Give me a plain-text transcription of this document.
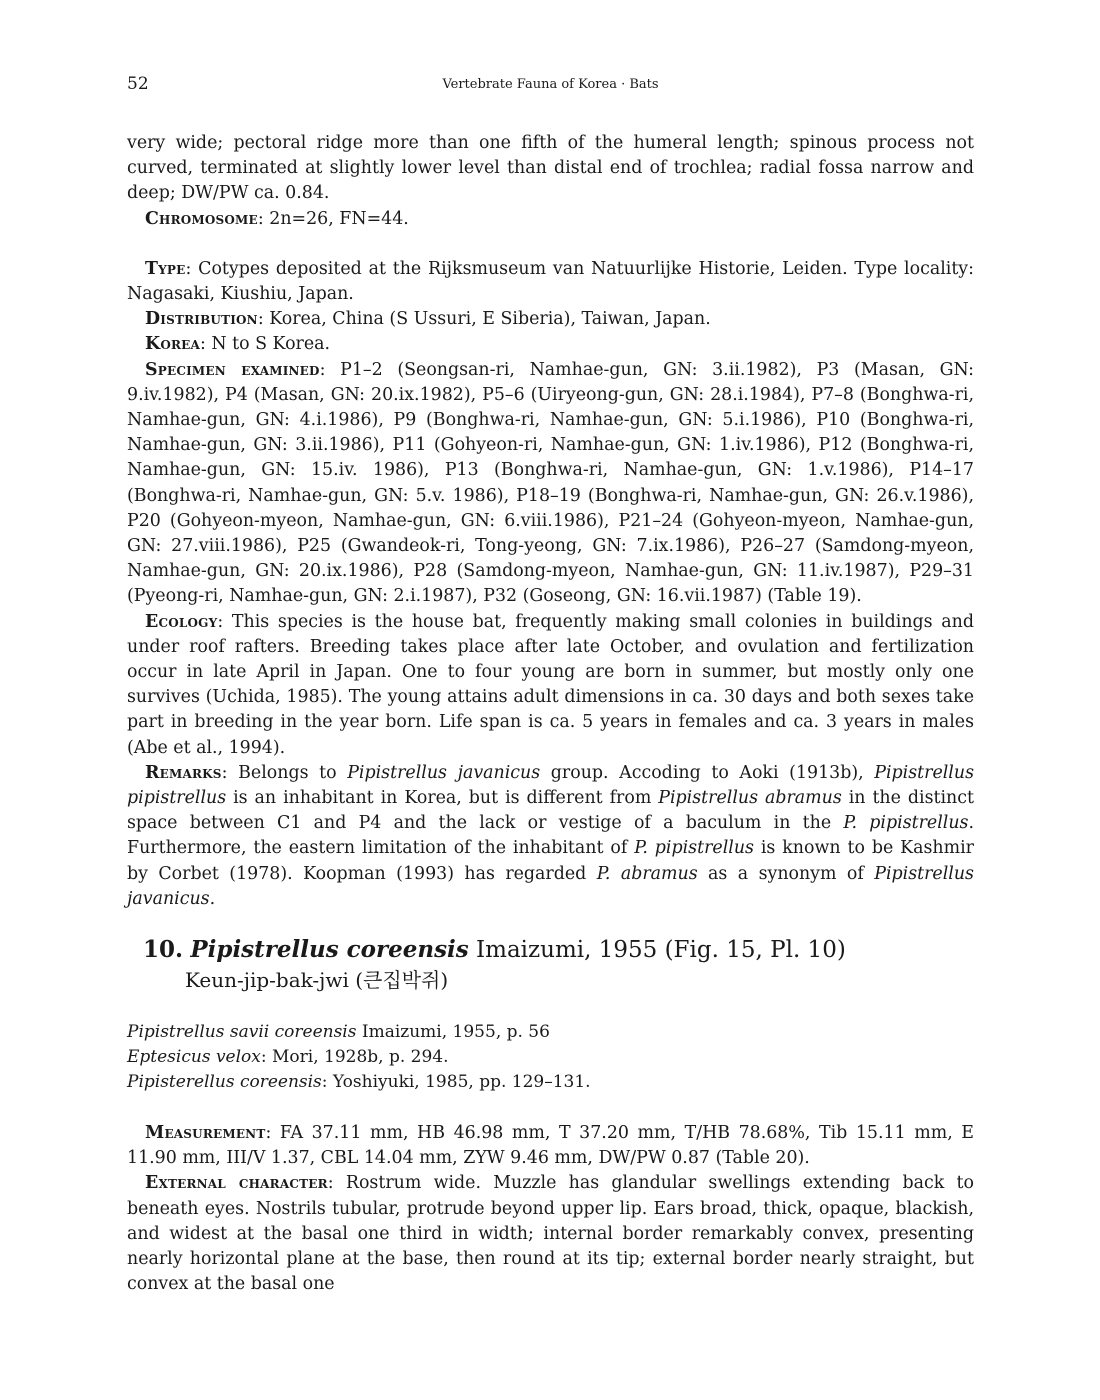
52	Vertebrate Fauna of Korea · Bats

very wide; pectoral ridge more than one fifth of the humeral length; spinous process not curved, terminated at slightly lower level than distal end of trochlea; radial fossa narrow and deep; DW/PW ca. 0.84.

Chromosome: 2n=26, FN=44.

Type: Cotypes deposited at the Rijksmuseum van Natuurlijke Historie, Leiden. Type locality: Nagasaki, Kiushiu, Japan.

Distribution: Korea, China (S Ussuri, E Siberia), Taiwan, Japan.

Korea: N to S Korea.

Specimen examined: P1–2 (Seongsan-ri, Namhae-gun, GN: 3.ii.1982), P3 (Masan, GN: 9.iv.1982), P4 (Masan, GN: 20.ix.1982), P5–6 (Uiryeong-gun, GN: 28.i.1984), P7–8 (Bonghwa-ri, Namhae-gun, GN: 4.i.1986), P9 (Bonghwa-ri, Namhae-gun, GN: 5.i.1986), P10 (Bonghwa-ri, Namhae-gun, GN: 3.ii.1986), P11 (Gohyeon-ri, Namhae-gun, GN: 1.iv.1986), P12 (Bonghwa-ri, Namhae-gun, GN: 15.iv. 1986), P13 (Bonghwa-ri, Namhae-gun, GN: 1.v.1986), P14–17 (Bonghwa-ri, Namhae-gun, GN: 5.v. 1986), P18–19 (Bonghwa-ri, Namhae-gun, GN: 26.v.1986), P20 (Gohyeon-myeon, Namhae-gun, GN: 6.viii.1986), P21–24 (Gohyeon-myeon, Namhae-gun, GN: 27.viii.1986), P25 (Gwandeok-ri, Tong-yeong, GN: 7.ix.1986), P26–27 (Samdong-myeon, Namhae-gun, GN: 20.ix.1986), P28 (Samdong-myeon, Namhae-gun, GN: 11.iv.1987), P29–31 (Pyeong-ri, Namhae-gun, GN: 2.i.1987), P32 (Goseong, GN: 16.vii.1987) (Table 19).

Ecology: This species is the house bat, frequently making small colonies in buildings and under roof rafters. Breeding takes place after late October, and ovulation and fertilization occur in late April in Japan. One to four young are born in summer, but mostly only one survives (Uchida, 1985). The young attains adult dimensions in ca. 30 days and both sexes take part in breeding in the year born. Life span is ca. 5 years in females and ca. 3 years in males (Abe et al., 1994).

Remarks: Belongs to Pipistrellus javanicus group. Accoding to Aoki (1913b), Pipistrellus pipistrellus is an inhabitant in Korea, but is different from Pipistrellus abramus in the distinct space between C1 and P4 and the lack or vestige of a baculum in the P. pipistrellus. Furthermore, the eastern limitation of the inhabitant of P. pipistrellus is known to be Kashmir by Corbet (1978). Koopman (1993) has regarded P. abramus as a synonym of Pipistrellus javanicus.

10. Pipistrellus coreensis Imaizumi, 1955 (Fig. 15, Pl. 10)
Keun-jip-bak-jwi (큰집박쥐)
Pipistrellus savii coreensis Imaizumi, 1955, p. 56
Eptesicus velox: Mori, 1928b, p. 294.
Pipisterellus coreensis: Yoshiyuki, 1985, pp. 129–131.

Measurement: FA 37.11 mm, HB 46.98 mm, T 37.20 mm, T/HB 78.68%, Tib 15.11 mm, E 11.90 mm, III/V 1.37, CBL 14.04 mm, ZYW 9.46 mm, DW/PW 0.87 (Table 20).

External character: Rostrum wide. Muzzle has glandular swellings extending back to beneath eyes. Nostrils tubular, protrude beyond upper lip. Ears broad, thick, opaque, blackish, and widest at the basal one third in width; internal border remarkably convex, presenting nearly horizontal plane at the base, then round at its tip; external border nearly straight, but convex at the basal one
